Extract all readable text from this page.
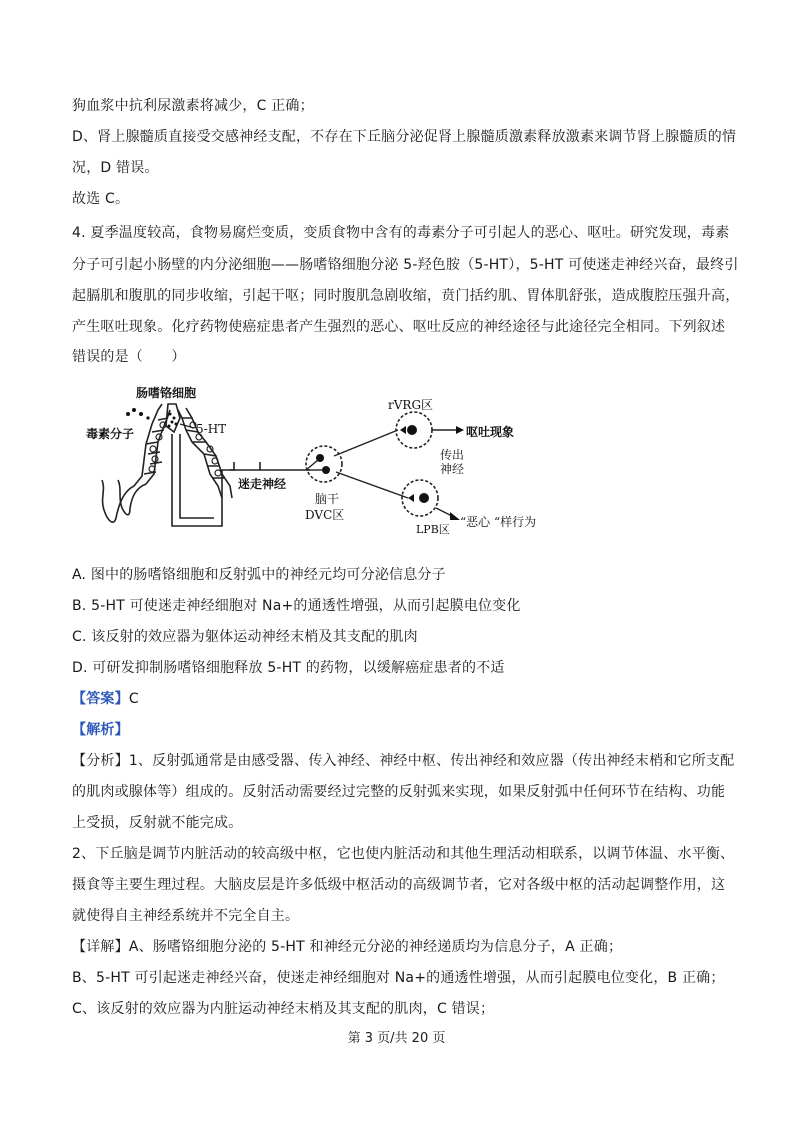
狗血浆中抗利尿激素将减少，C 正确；
D、肾上腺髓质直接受交感神经支配，不存在下丘脑分泌促肾上腺髓质激素释放激素来调节肾上腺髓质的情
况，D 错误。
故选 C。
4. 夏季温度较高，食物易腐烂变质，变质食物中含有的毒素分子可引起人的恶心、呕吐。研究发现，毒素
分子可引起小肠壁的内分泌细胞——肠嗜铬细胞分泌 5-羟色胺（5-HT），5-HT 可使迷走神经兴奋，最终引
起膈肌和腹肌的同步收缩，引起干呕；同时腹肌急剧收缩，贲门括约肌、胃体肌舒张，造成腹腔压强升高，
产生呕吐现象。化疗药物使癌症患者产生强烈的恶心、呕吐反应的神经途径与此途径完全相同。下列叙述
错误的是（　　）
肠嗜铬细胞
毒素分子	5-HT
迷走神经
脑干
DVC区
rVRG区
呕吐现象
传出
神经
LPB区
“恶心 “样行为
A. 图中的肠嗜铬细胞和反射弧中的神经元均可分泌信息分子
B. 5-HT 可使迷走神经细胞对 Na+的通透性增强，从而引起膜电位变化
C. 该反射的效应器为躯体运动神经末梢及其支配的肌肉
D. 可研发抑制肠嗜铬细胞释放 5-HT 的药物，以缓解癌症患者的不适
【答案】C
【解析】
【分析】1、反射弧通常是由感受器、传入神经、神经中枢、传出神经和效应器（传出神经末梢和它所支配
的肌肉或腺体等）组成的。反射活动需要经过完整的反射弧来实现，如果反射弧中任何环节在结构、功能
上受损，反射就不能完成。
2、下丘脑是调节内脏活动的较高级中枢，它也使内脏活动和其他生理活动相联系，以调节体温、水平衡、
摄食等主要生理过程。大脑皮层是许多低级中枢活动的高级调节者，它对各级中枢的活动起调整作用，这
就使得自主神经系统并不完全自主。
【详解】A、肠嗜铬细胞分泌的 5-HT 和神经元分泌的神经递质均为信息分子，A 正确；
B、5-HT 可引起迷走神经兴奋，使迷走神经细胞对 Na+的通透性增强，从而引起膜电位变化，B 正确；
C、该反射的效应器为内脏运动神经末梢及其支配的肌肉，C 错误；
第 3 页/共 20 页
